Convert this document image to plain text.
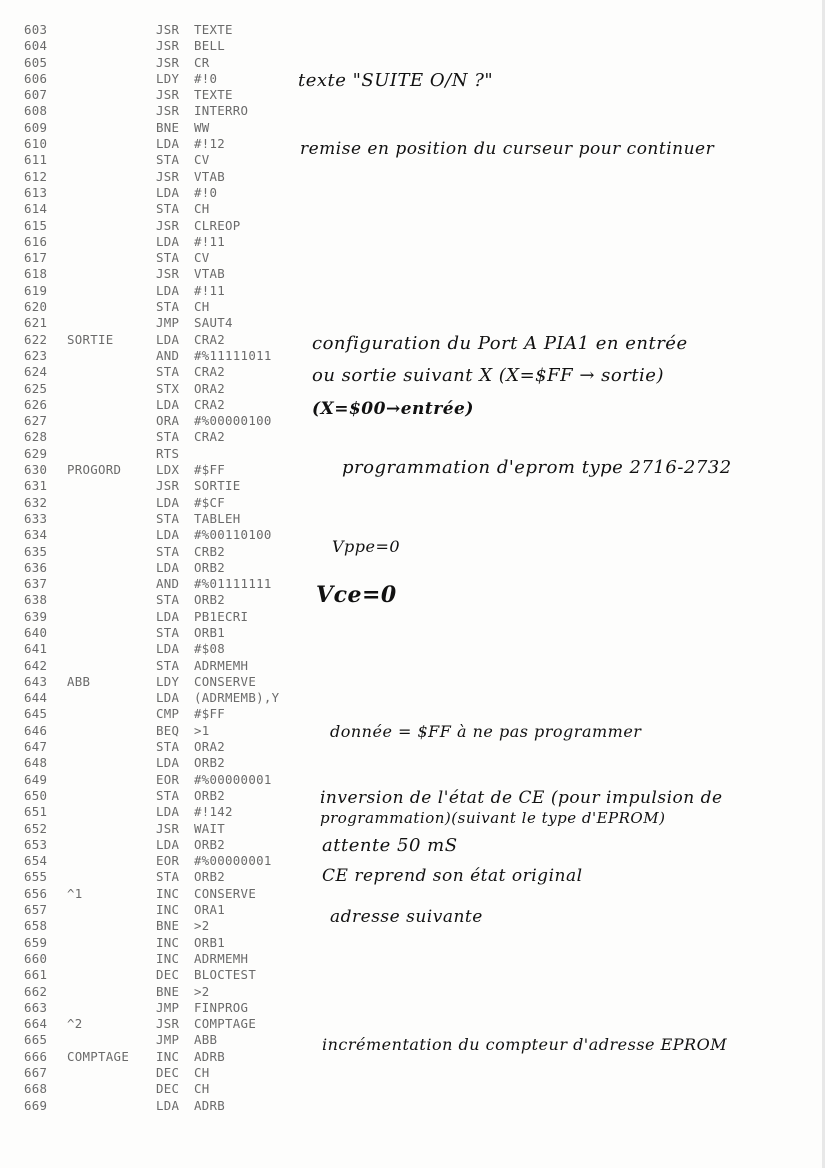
603	JSR TEXTE
604	JSR BELL
605	JSR CR
606	LDY #!0
607	JSR TEXTE
608	JSR INTERRO
609	BNE WW
610	LDA #!12
611	STA CV
612	JSR VTAB
613	LDA #!0
614	STA CH
615	JSR CLREOP
616	LDA #!11
617	STA CV
618	JSR VTAB
619	LDA #!11
620	STA CH
621	JMP SAUT4
622 SORTIE	LDA CRA2
623	AND #%11111011
624	STA CRA2
625	STX ORA2
626	LDA CRA2
627	ORA #%00000100
628	STA CRA2
629	RTS
630 PROGORD	LDX #$FF
631	JSR SORTIE
632	LDA #$CF
633	STA TABLEH
634	LDA #%00110100
635	STA CRB2
636	LDA ORB2
637	AND #%01111111
638	STA ORB2
639	LDA PB1ECRI
640	STA ORB1
641	LDA #$08
642	STA ADRMEMH
643 ABB	LDY CONSERVE
644	LDA (ADRMEMB),Y
645	CMP #$FF
646	BEQ >1
647	STA ORA2
648	LDA ORB2
649	EOR #%00000001
650	STA ORB2
651	LDA #!142
652	JSR WAIT
653	LDA ORB2
654	EOR #%00000001
655	STA ORB2
656 ^1	INC CONSERVE
657	INC ORA1
658	BNE >2
659	INC ORB1
660	INC ADRMEMH
661	DEC BLOCTEST
662	BNE >2
663	JMP FINPROG
664 ^2	JSR COMPTAGE
665	JMP ABB
666 COMPTAGE INC ADRB
667	DEC CH
668	DEC CH
669	LDA ADRB
texte "SUITE O/N ?"
remise en position du curseur pour continuer
configuration du Port A PIA1 en entrée
ou sortie suivant X (X=$FF → sortie)
(X=$00→entrée)
programmation d'eprom type 2716-2732
Vppe=0
Vce=0
donnée = $FF à ne pas programmer
inversion de l'état de CE (pour impulsion de
programmation)(suivant le type d'EPROM)
attente 50 mS
CE reprend son état original
adresse suivante
incrémentation du compteur d'adresse EPROM
